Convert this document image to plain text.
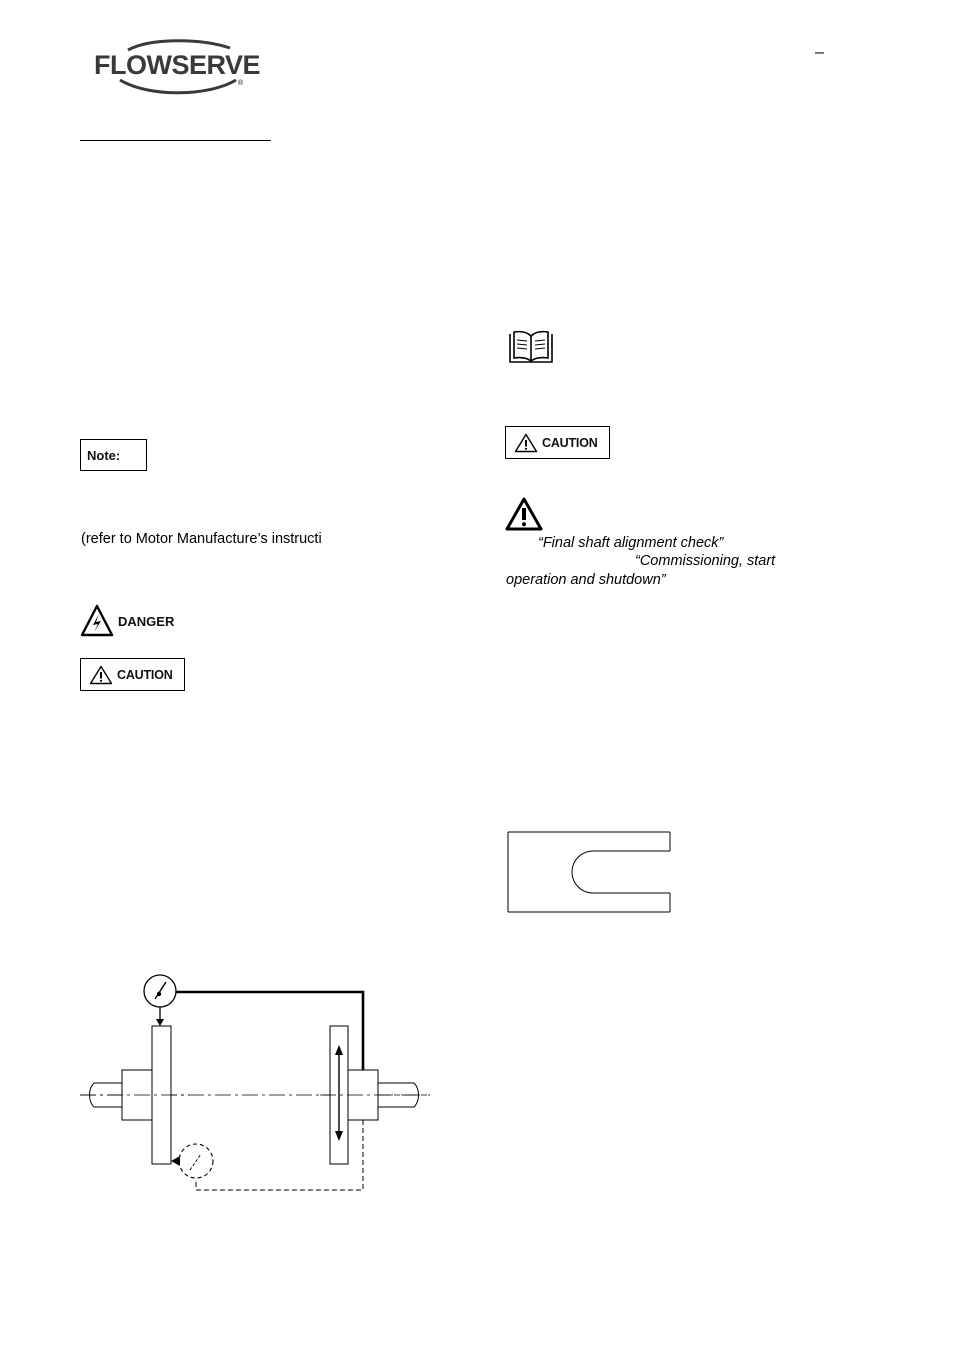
FLOWSERVE
®
–
Note:
(refer to Motor Manufacture’s instructi
DANGER
CAUTION
CAUTION
“Final shaft alignment check”
“Commissioning, start
operation and shutdown”
